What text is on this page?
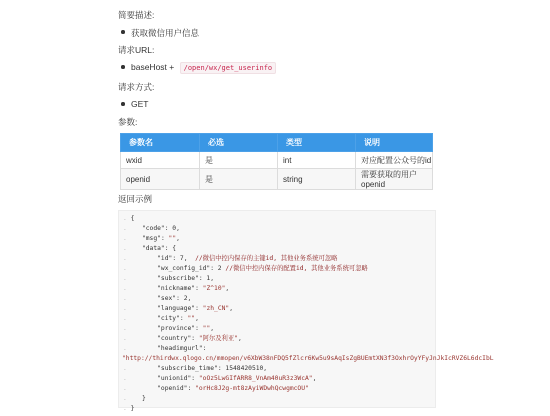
简要描述:
获取微信用户信息
请求URL:
baseHost + /open/wx/get_userinfo
请求方式:
GET
参数:
参数名	必选	类型	说明
wxid	是	int	对应配置公众号的id
openid	是	string	需要获取的用户openid
返回示例
. {
. "code": 0,
. "msg": "",
. "data": {
.	"id": 7, //微信中控内保存的主键id, 其他业务系统可忽略
.	"wx_config_id": 2 //微信中控内保存的配置id, 其他业务系统可忽略
.	"subscribe": 1,
.	"nickname": "Z^10",
.	"sex": 2,
.	"language": "zh_CN",
.	"city": "",
.	"province": "",
.	"country": "阿尔及利亚",
.	"headimgurl":
"http://thirdwx.qlogo.cn/mmopen/v6XbW38nFDQ5fZlcr6Kw5u9sAqIsZgBUEmtXN3f3OxhrOyYFyJnJkIcRVZ6L6dcIbL
.	"subscribe_time": 1548420510,
.	"unionid": "oOz5LwGIfARR8_VnAm40uR3z3WcA",
.	"openid": "orHc8J2g-mt8zAyiWDwhQcwgmcOU"
. }
. }
